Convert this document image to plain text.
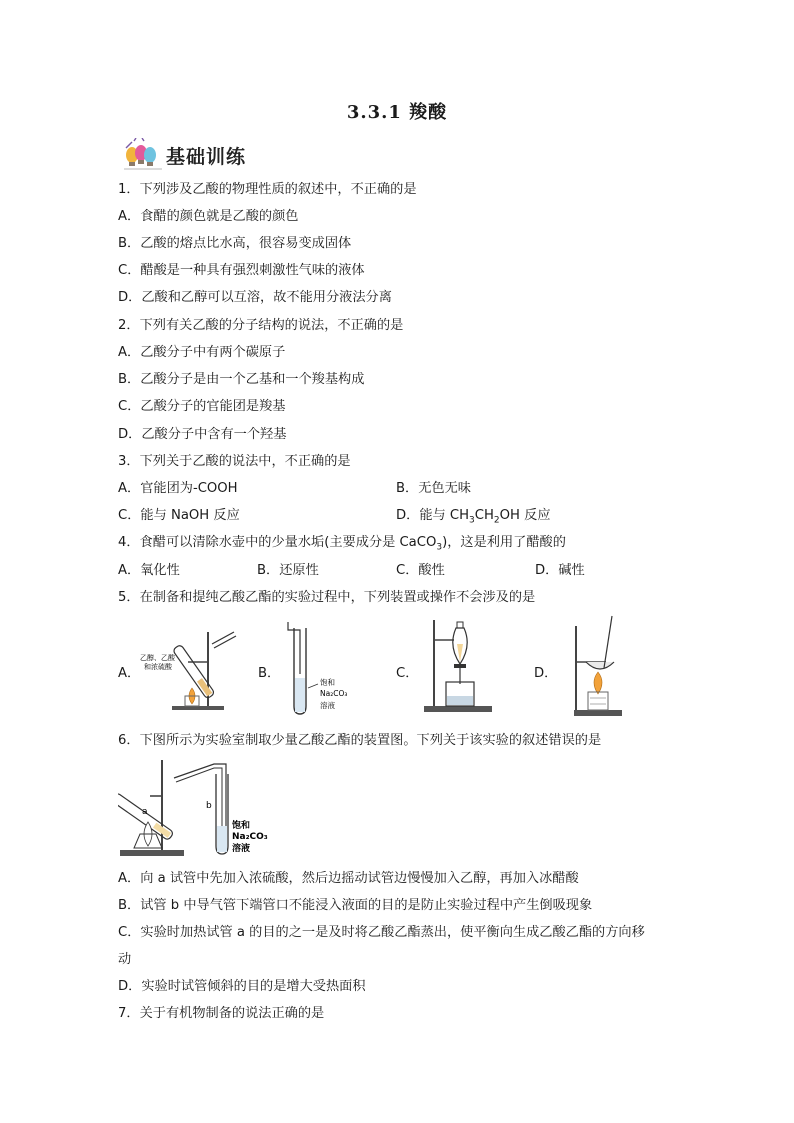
3.3.1 羧酸
基础训练
1．下列涉及乙酸的物理性质的叙述中，不正确的是
A．食醋的颜色就是乙酸的颜色
B．乙酸的熔点比水高，很容易变成固体
C．醋酸是一种具有强烈刺激性气味的液体
D．乙酸和乙醇可以互溶，故不能用分液法分离
2．下列有关乙酸的分子结构的说法，不正确的是
A．乙酸分子中有两个碳原子
B．乙酸分子是由一个乙基和一个羧基构成
C．乙酸分子的官能团是羧基
D．乙酸分子中含有一个羟基
3．下列关于乙酸的说法中，不正确的是
A．官能团为-COOH	B．无色无味
C．能与 NaOH 反应	D．能与 $CH_3CH_2OH$ 反应
4．食醋可以清除水壶中的少量水垢(主要成分是 CaCO$_3$)，这是利用了醋酸的
A．氧化性	B．还原性	C．酸性	D．碱性
5．在制备和提纯乙酸乙酯的实验过程中，下列装置或操作不会涉及的是
A．	B．	C．	D．
乙醇、乙酸
和浓硫酸
饱和
Na₂CO₃
溶液
6．下图所示为实验室制取少量乙酸乙酯的装置图。下列关于该实验的叙述错误的是
a
b
饱和
Na₂CO₃
溶液
A．向 a 试管中先加入浓硫酸，然后边摇动试管边慢慢加入乙醇，再加入冰醋酸
B．试管 b 中导气管下端管口不能浸入液面的目的是防止实验过程中产生倒吸现象
C．实验时加热试管 a 的目的之一是及时将乙酸乙酯蒸出，使平衡向生成乙酸乙酯的方向移
动
D．实验时试管倾斜的目的是增大受热面积
7．关于有机物制备的说法正确的是
